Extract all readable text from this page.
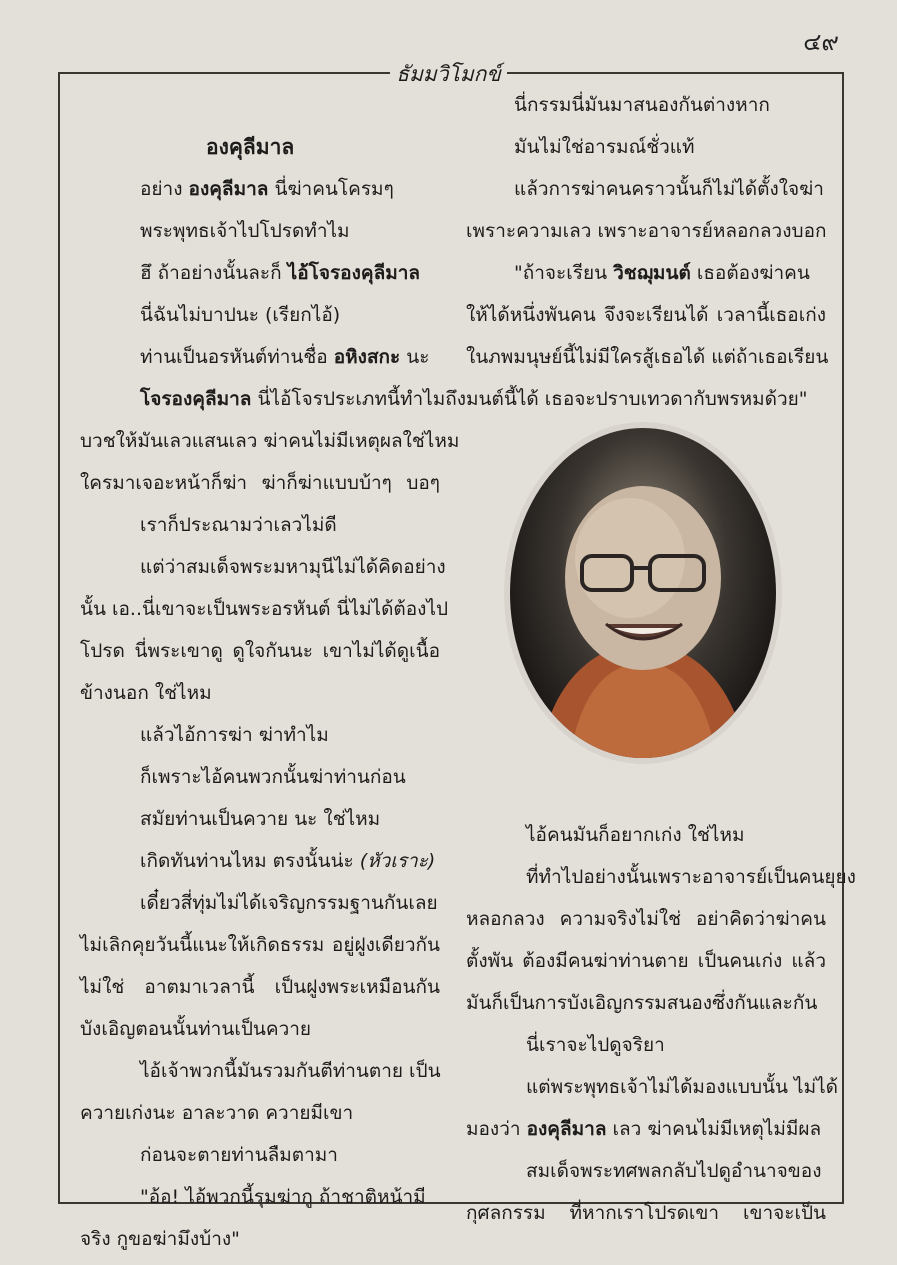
๔๙
ธัมมวิโมกข์

องคุลีมาล

อย่าง องคุลีมาล นี่ฆ่าคนโครมๆ

พระพุทธเจ้าไปโปรดทำไม

ฮึ ถ้าอย่างนั้นละก็ ไอ้โจรองคุลีมาล

นี่ฉันไม่บาปนะ (เรียกไอ้)

ท่านเป็นอรหันต์ท่านชื่อ อหิงสกะ นะ

โจรองคุลีมาล นี่ไอ้โจรประเภทนี้ทำไมถึง

บวชให้มันเลวแสนเลว ฆ่าคนไม่มีเหตุผลใช่ไหม

ใครมาเจอะหน้าก็ฆ่า ฆ่าก็ฆ่าแบบบ้าๆ บอๆ

เราก็ประณามว่าเลวไม่ดี

แต่ว่าสมเด็จพระมหามุนีไม่ได้คิดอย่าง

นั้น เอ..นี่เขาจะเป็นพระอรหันต์ นี่ไม่ได้ต้องไป

โปรด นี่พระเขาดู ดูใจกันนะ เขาไม่ได้ดูเนื้อ

ข้างนอก ใช่ไหม

แล้วไอ้การฆ่า ฆ่าทำไม

ก็เพราะไอ้คนพวกนั้นฆ่าท่านก่อน

สมัยท่านเป็นควาย นะ ใช่ไหม

เกิดทันท่านไหม ตรงนั้นน่ะ (หัวเราะ)

เดี๋ยวสี่ทุ่มไม่ได้เจริญกรรมฐานกันเลย

ไม่เลิกคุยวันนี้แนะให้เกิดธรรม อยู่ฝูงเดียวกัน

ไม่ใช่ อาตมาเวลานี้ เป็นฝูงพระเหมือนกัน

บังเอิญตอนนั้นท่านเป็นควาย

ไอ้เจ้าพวกนี้มันรวมกันตีท่านตาย เป็น

ควายเก่งนะ อาละวาด ควายมีเขา

ก่อนจะตายท่านลืมตามา

"อ้อ! ไอ้พวกนี้รุมฆ่ากู ถ้าชาติหน้ามี

จริง กูขอฆ่ามึงบ้าง"

นี่กรรมนี่มันมาสนองกันต่างหาก

มันไม่ใช่อารมณ์ชั่วแท้

แล้วการฆ่าคนคราวนั้นก็ไม่ได้ตั้งใจฆ่า

เพราะความเลว เพราะอาจารย์หลอกลวงบอก

"ถ้าจะเรียน วิชฌุมนต์ เธอต้องฆ่าคน

ให้ได้หนึ่งพันคน จึงจะเรียนได้ เวลานี้เธอเก่ง

ในภพมนุษย์นี้ไม่มีใครสู้เธอได้ แต่ถ้าเธอเรียน

มนต์นี้ได้ เธอจะปราบเทวดากับพรหมด้วย"

ไอ้คนมันก็อยากเก่ง ใช่ไหม

ที่ทำไปอย่างนั้นเพราะอาจารย์เป็นคนยุยง

หลอกลวง ความจริงไม่ใช่ อย่าคิดว่าฆ่าคน

ตั้งพัน ต้องมีคนฆ่าท่านตาย เป็นคนเก่ง แล้ว

มันก็เป็นการบังเอิญกรรมสนองซึ่งกันและกัน

นี่เราจะไปดูจริยา

แต่พระพุทธเจ้าไม่ได้มองแบบนั้น ไม่ได้

มองว่า องคุลีมาล เลว ฆ่าคนไม่มีเหตุไม่มีผล

สมเด็จพระทศพลกลับไปดูอำนาจของ

กุศลกรรม ที่หากเราโปรดเขา เขาจะเป็น
